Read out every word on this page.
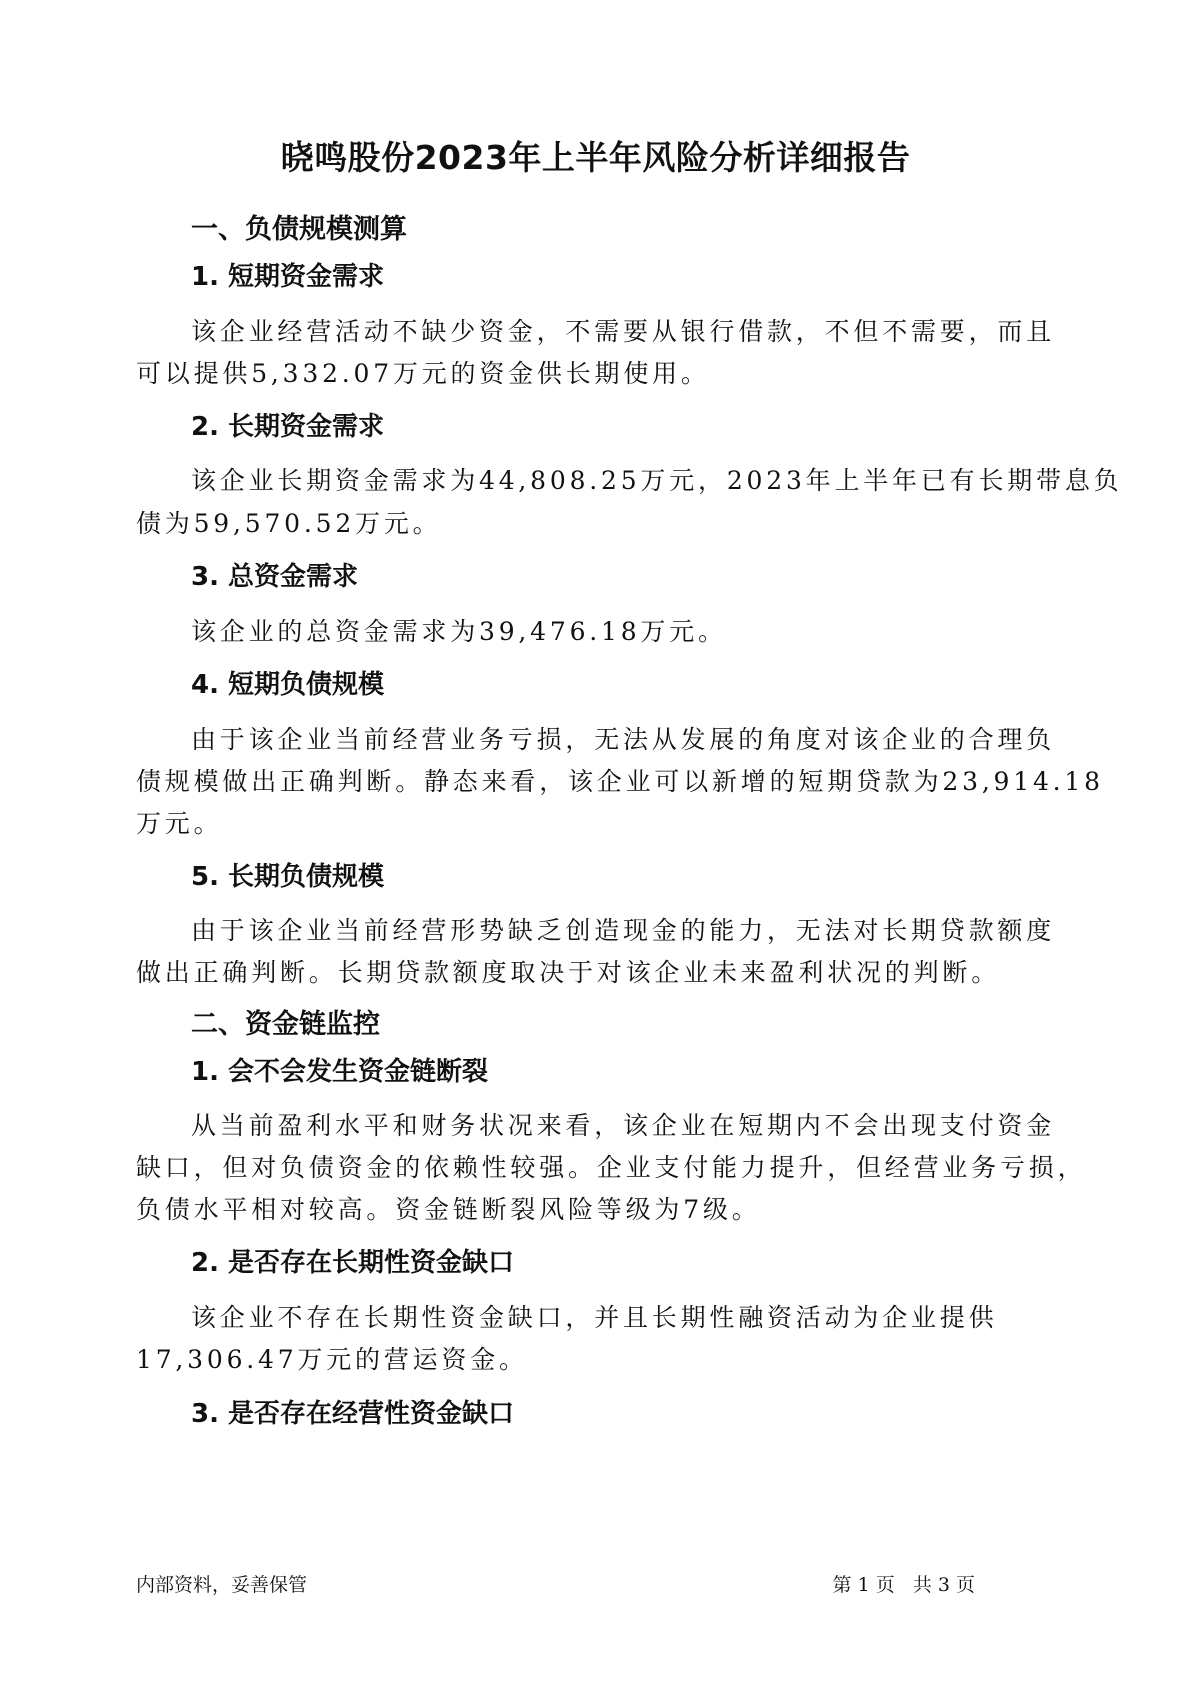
晓鸣股份2023年上半年风险分析详细报告
一、负债规模测算
1. 短期资金需求
该企业经营活动不缺少资金，不需要从银行借款，不但不需要，而且
可以提供5,332.07万元的资金供长期使用。
2. 长期资金需求
该企业长期资金需求为44,808.25万元，2023年上半年已有长期带息负
债为59,570.52万元。
3. 总资金需求
该企业的总资金需求为39,476.18万元。
4. 短期负债规模
由于该企业当前经营业务亏损，无法从发展的角度对该企业的合理负
债规模做出正确判断。静态来看，该企业可以新增的短期贷款为23,914.18
万元。
5. 长期负债规模
由于该企业当前经营形势缺乏创造现金的能力，无法对长期贷款额度
做出正确判断。长期贷款额度取决于对该企业未来盈利状况的判断。
二、资金链监控
1. 会不会发生资金链断裂
从当前盈利水平和财务状况来看，该企业在短期内不会出现支付资金
缺口，但对负债资金的依赖性较强。企业支付能力提升，但经营业务亏损，
负债水平相对较高。资金链断裂风险等级为7级。
2. 是否存在长期性资金缺口
该企业不存在长期性资金缺口，并且长期性融资活动为企业提供
17,306.47万元的营运资金。
3. 是否存在经营性资金缺口
内部资料，妥善保管	第 1 页   共 3 页
